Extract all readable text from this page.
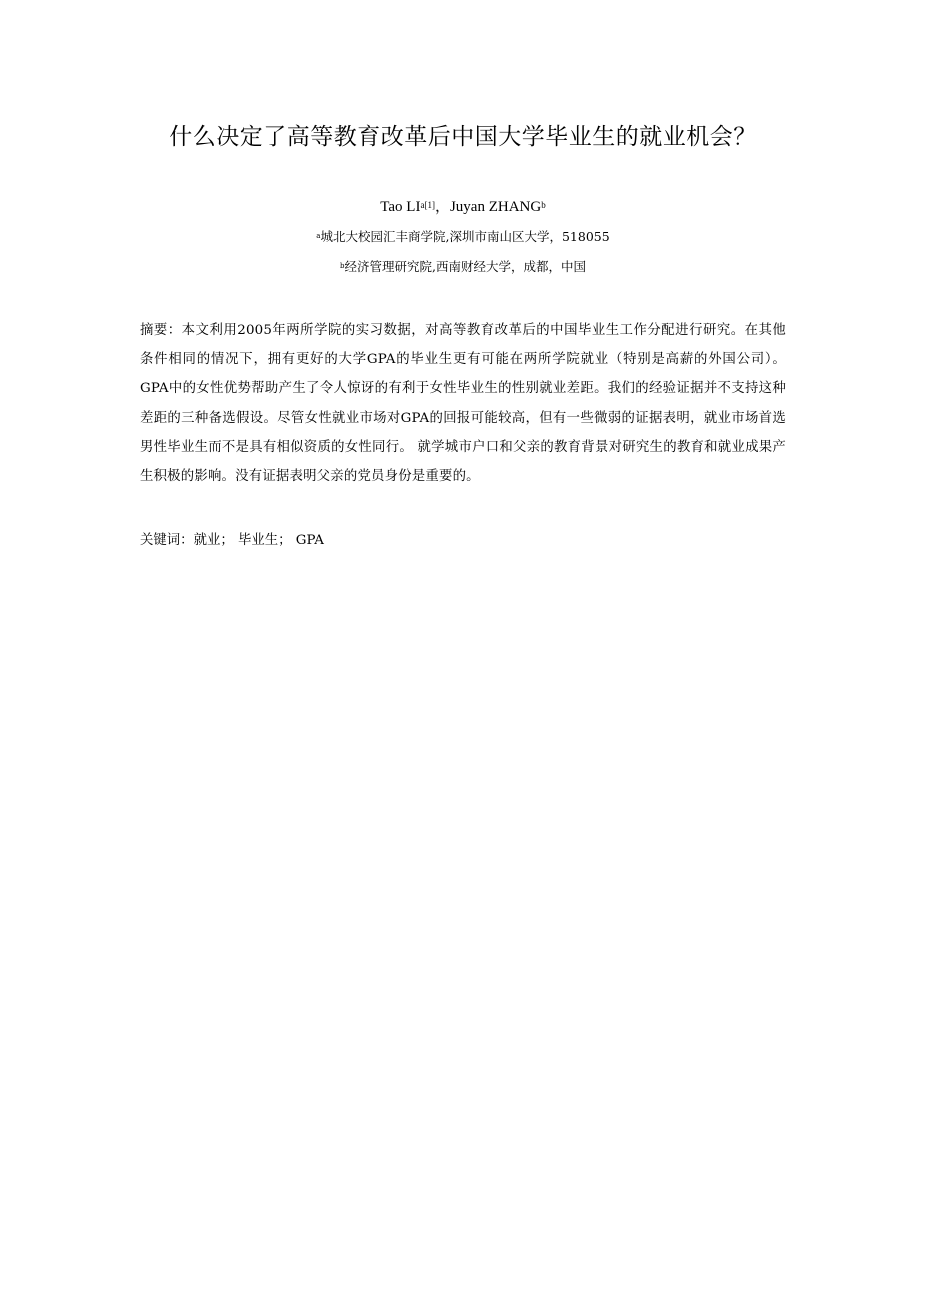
什么决定了高等教育改革后中国大学毕业生的就业机会？
Tao $LI^{a[1]}$，Juyan ZHANG$^b$
$^a$城北大校园汇丰商学院,深圳市南山区大学，518055
$^b$经济管理研究院,西南财经大学，成都，中国
摘要：本文利用2005年两所学院的实习数据，对高等教育改革后的中国毕业生工作分配进行研究。在其他条件相同的情况下，拥有更好的大学GPA的毕业生更有可能在两所学院就业（特别是高薪的外国公司）。GPA中的女性优势帮助产生了令人惊讶的有利于女性毕业生的性别就业差距。我们的经验证据并不支持这种差距的三种备选假设。尽管女性就业市场对GPA的回报可能较高，但有一些微弱的证据表明，就业市场首选男性毕业生而不是具有相似资质的女性同行。 就学城市户口和父亲的教育背景对研究生的教育和就业成果产生积极的影响。没有证据表明父亲的党员身份是重要的。
关键词：就业； 毕业生； GPA
